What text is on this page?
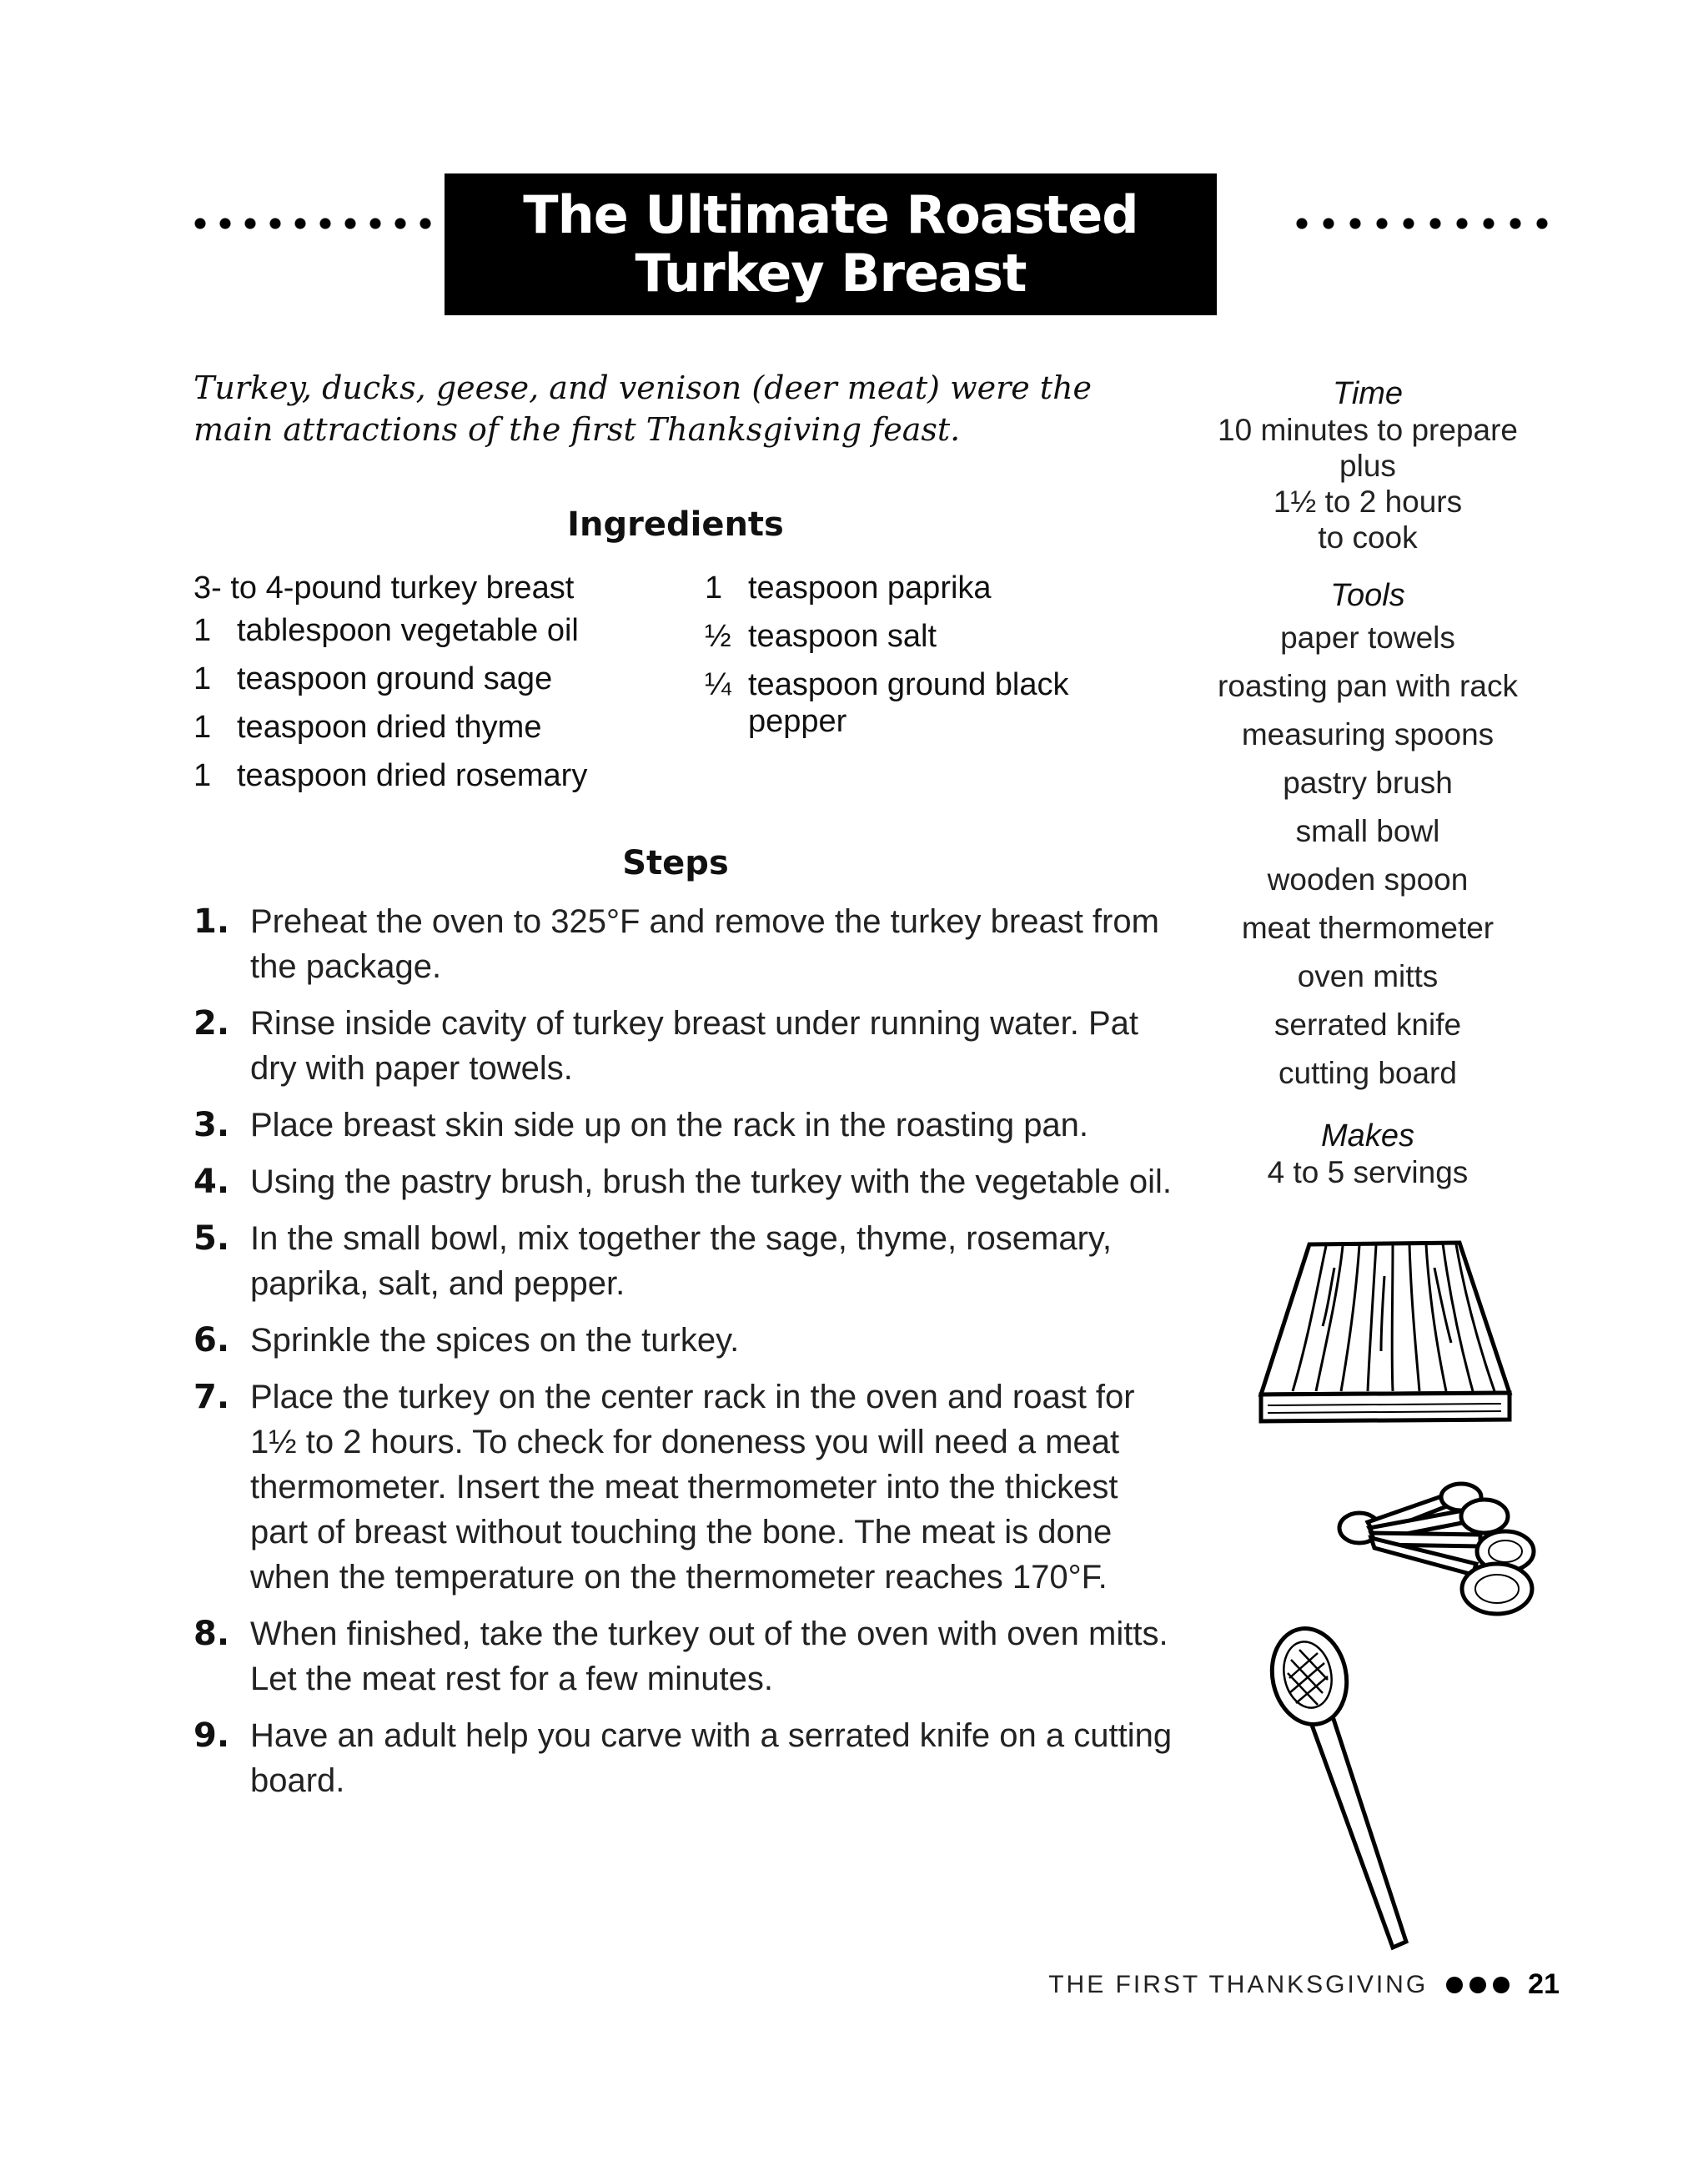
The Ultimate Roasted
Turkey Breast
Turkey, ducks, geese, and venison (deer meat) were the main attractions of the first Thanksgiving feast.
Ingredients
3- to 4-pound turkey breast
1 tablespoon vegetable oil
1 teaspoon ground sage
1 teaspoon dried thyme
1 teaspoon dried rosemary
1 teaspoon paprika
½ teaspoon salt
¼ teaspoon ground black pepper
Steps
1. Preheat the oven to 325°F and remove the turkey breast from the package.
2. Rinse inside cavity of turkey breast under running water. Pat dry with paper towels.
3. Place breast skin side up on the rack in the roasting pan.
4. Using the pastry brush, brush the turkey with the vegetable oil.
5. In the small bowl, mix together the sage, thyme, rosemary, paprika, salt, and pepper.
6. Sprinkle the spices on the turkey.
7. Place the turkey on the center rack in the oven and roast for 1½ to 2 hours. To check for doneness you will need a meat thermometer. Insert the meat thermometer into the thickest part of breast without touching the bone. The meat is done when the temperature on the thermometer reaches 170°F.
8. When finished, take the turkey out of the oven with oven mitts. Let the meat rest for a few minutes.
9. Have an adult help you carve with a serrated knife on a cutting board.
Time
10 minutes to prepare
plus
1½ to 2 hours
to cook
Tools
paper towels
roasting pan with rack
measuring spoons
pastry brush
small bowl
wooden spoon
meat thermometer
oven mitts
serrated knife
cutting board
Makes
4 to 5 servings
THE FIRST THANKSGIVING	21
